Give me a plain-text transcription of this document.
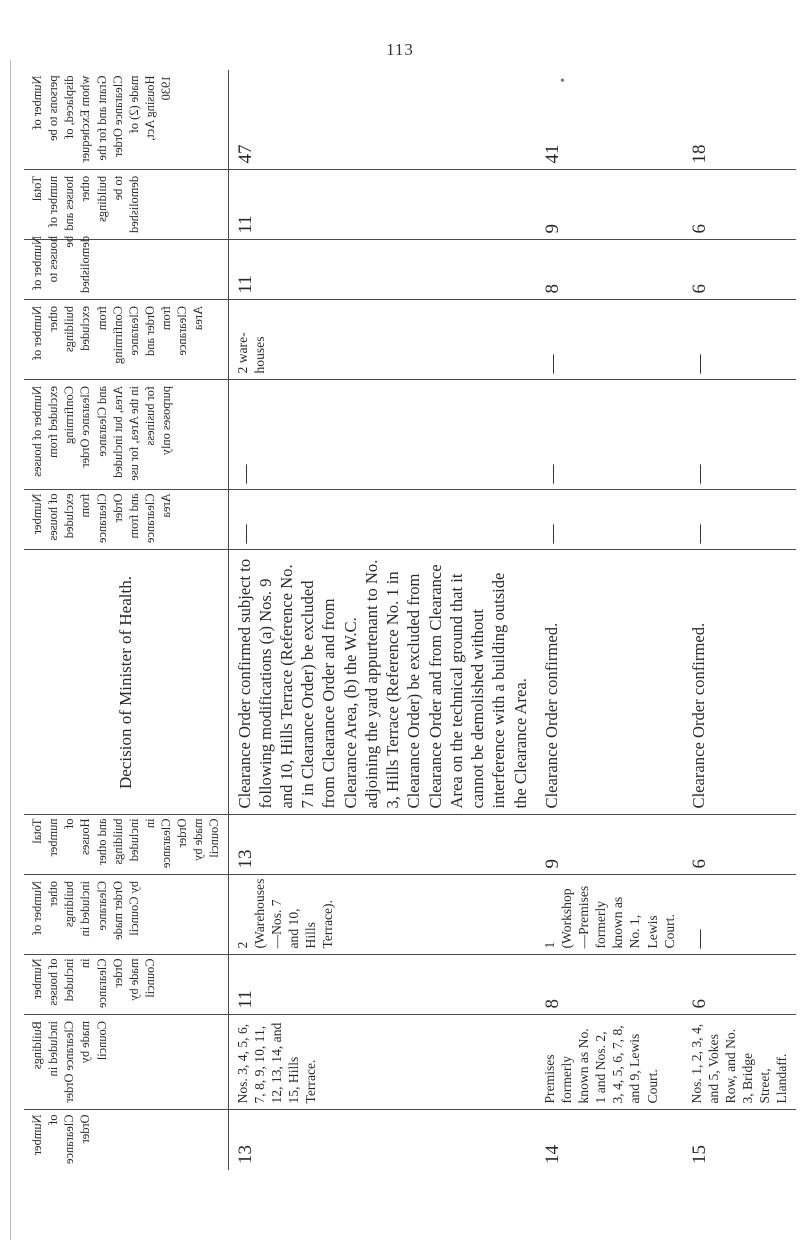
113
Number of Clearance Order	Buildings included in Clearance Order made by Council	Number of houses included in Clearance Order made by Council	Number of other buildings included in Clearance Order made by Council	Total number of Houses and other buildings included in Clearance Order made by Council	Decision of Minister of Health.	Number of houses excluded from Clearance Order and from Clearance Area	Number of houses excluded from Confirming Clearance Order and Clearance Area, but included in the Area, for use for business purposes only	Number of other buildings excluded from Confirming Clearance Order and from Clearance Area	Number of houses to be demolished	Total number of houses and other buildings to be demolished	Number of persons to be displaced, of whom Exchequer Grant and for the Clearance Order made (2) of Housing Act, 1930
13	Nos. 3, 4, 5, 6, 7, 8, 9, 10, 11, 12, 13, 14, and 15, Hills Terrace.	11	2 (Warehouses—Nos. 7 and 10, Hills Terrace).	13	Clearance Order confirmed subject to following modifications (a) Nos. 9 and 10, Hills Terrace (Reference No. 7 in Clearance Order) be excluded from Clearance Order and from Clearance Area, (b) the W.C. adjoining the yard appurtenant to No. 3, Hills Terrace (Reference No. 1 in Clearance Order) be excluded from Clearance Order and from Clearance Area on the technical ground that it cannot be demolished without interference with a building outside the Clearance Area.	—	—	2 ware-houses	11	11	47
14	Premises formerly known as No. 1 and Nos. 2, 3, 4, 5, 6, 7, 8, and 9, Lewis Court.	8	1 (Workshop—Premises formerly known as No. 1, Lewis Court.	9	Clearance Order confirmed.	—	—	—	8	9	41
15	Nos. 1, 2, 3, 4, and 5, Vokes Row, and No. 3, Bridge Street, Llandaff.	6	—	6	Clearance Order confirmed.	—	—	—	6	6	18
•
